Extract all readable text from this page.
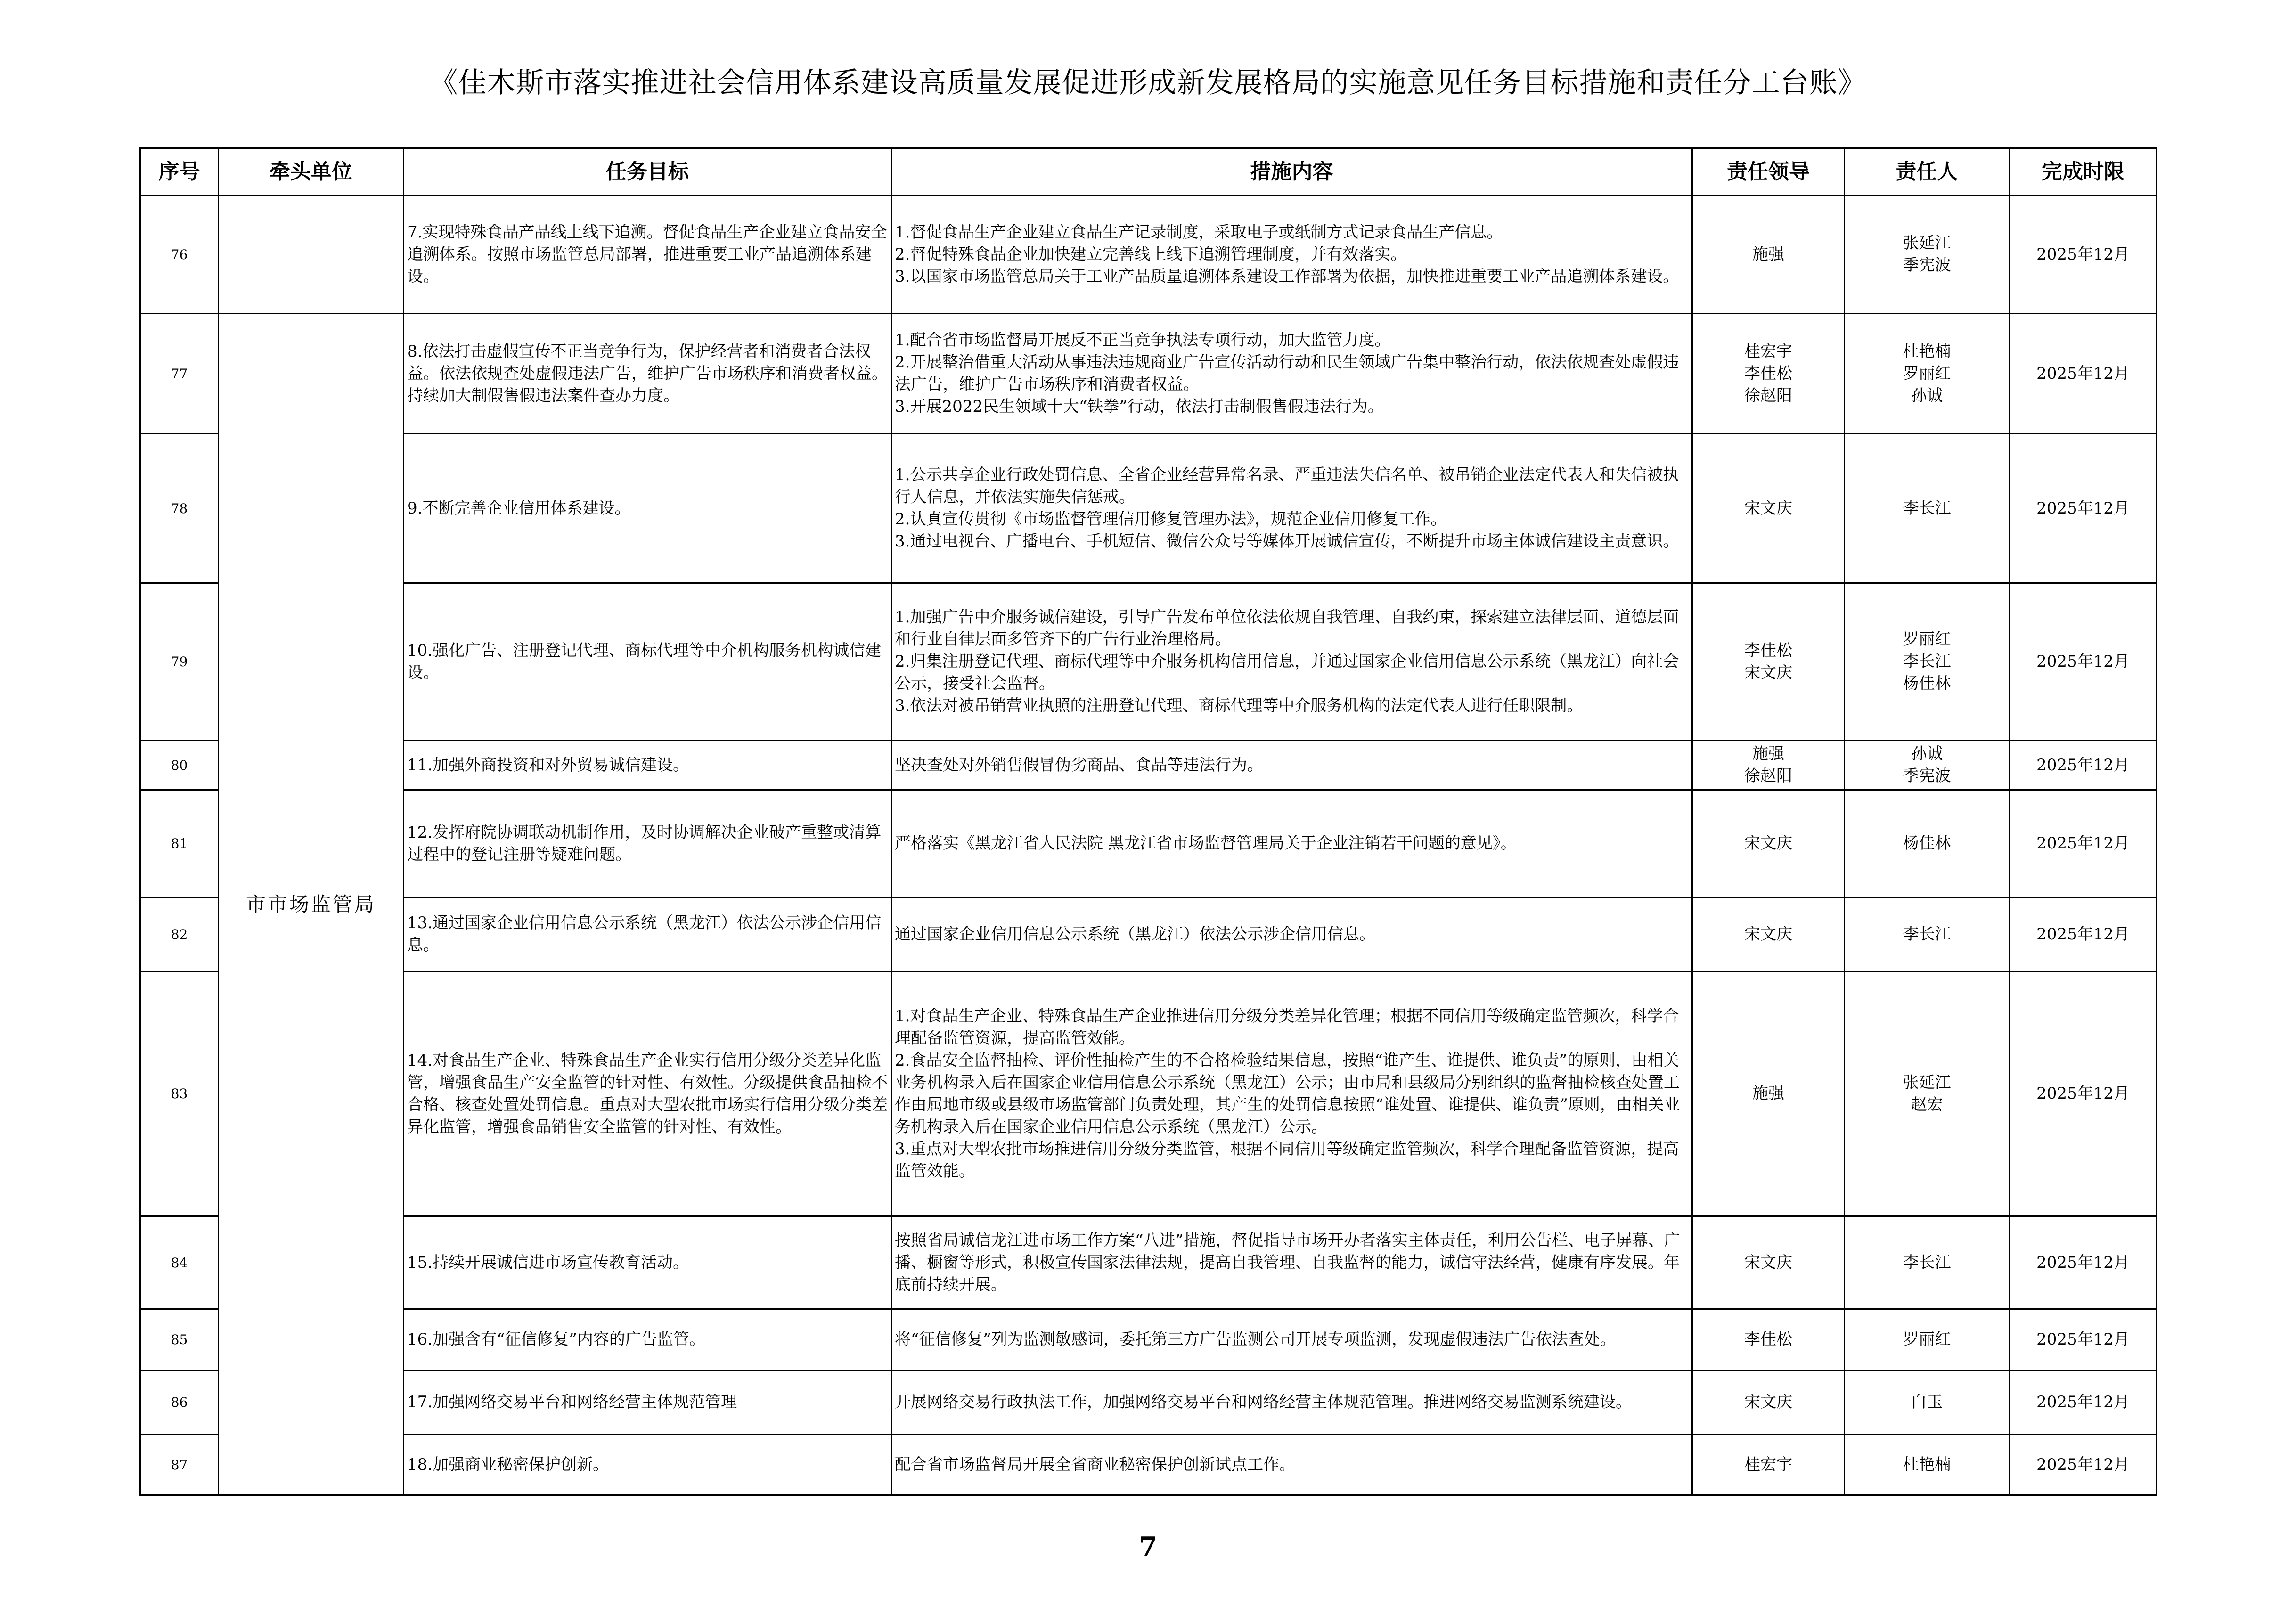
《佳木斯市落实推进社会信用体系建设高质量发展促进形成新发展格局的实施意见任务目标措施和责任分工台账》
序号	牵头单位	任务目标	措施内容	责任领导	责任人	完成时限
76		7.实现特殊食品产品线上线下追溯。督促食品生产企业建立食品安全追溯体系。按照市场监管总局部署，推进重要工业产品追溯体系建设。	1.督促食品生产企业建立食品生产记录制度，采取电子或纸制方式记录食品生产信息。
2.督促特殊食品企业加快建立完善线上线下追溯管理制度，并有效落实。
3.以国家市场监管总局关于工业产品质量追溯体系建设工作部署为依据，加快推进重要工业产品追溯体系建设。	施强	张延江
季宪波	2025年12月
77	市市场监管局	8.依法打击虚假宣传不正当竞争行为，保护经营者和消费者合法权益。依法依规查处虚假违法广告，维护广告市场秩序和消费者权益。持续加大制假售假违法案件查办力度。	1.配合省市场监督局开展反不正当竞争执法专项行动，加大监管力度。
2.开展整治借重大活动从事违法违规商业广告宣传活动行动和民生领域广告集中整治行动，依法依规查处虚假违法广告，维护广告市场秩序和消费者权益。
3.开展2022民生领域十大“铁拳”行动，依法打击制假售假违法行为。	桂宏宇
李佳松
徐赵阳	杜艳楠
罗丽红
孙诚	2025年12月
78		9.不断完善企业信用体系建设。	1.公示共享企业行政处罚信息、全省企业经营异常名录、严重违法失信名单、被吊销企业法定代表人和失信被执行人信息，并依法实施失信惩戒。
2.认真宣传贯彻《市场监督管理信用修复管理办法》，规范企业信用修复工作。
3.通过电视台、广播电台、手机短信、微信公众号等媒体开展诚信宣传，不断提升市场主体诚信建设主责意识。	宋文庆	李长江	2025年12月
79		10.强化广告、注册登记代理、商标代理等中介机构服务机构诚信建设。	1.加强广告中介服务诚信建设，引导广告发布单位依法依规自我管理、自我约束，探索建立法律层面、道德层面和行业自律层面多管齐下的广告行业治理格局。
2.归集注册登记代理、商标代理等中介服务机构信用信息，并通过国家企业信用信息公示系统（黑龙江）向社会公示，接受社会监督。
3.依法对被吊销营业执照的注册登记代理、商标代理等中介服务机构的法定代表人进行任职限制。	李佳松
宋文庆	罗丽红
李长江
杨佳林	2025年12月
80		11.加强外商投资和对外贸易诚信建设。	坚决查处对外销售假冒伪劣商品、食品等违法行为。	施强
徐赵阳	孙诚
季宪波	2025年12月
81		12.发挥府院协调联动机制作用，及时协调解决企业破产重整或清算过程中的登记注册等疑难问题。	严格落实《黑龙江省人民法院 黑龙江省市场监督管理局关于企业注销若干问题的意见》。	宋文庆	杨佳林	2025年12月
82		13.通过国家企业信用信息公示系统（黑龙江）依法公示涉企信用信息。	通过国家企业信用信息公示系统（黑龙江）依法公示涉企信用信息。	宋文庆	李长江	2025年12月
83		14.对食品生产企业、特殊食品生产企业实行信用分级分类差异化监管，增强食品生产安全监管的针对性、有效性。分级提供食品抽检不合格、核查处置处罚信息。重点对大型农批市场实行信用分级分类差异化监管，增强食品销售安全监管的针对性、有效性。	1.对食品生产企业、特殊食品生产企业推进信用分级分类差异化管理；根据不同信用等级确定监管频次，科学合理配备监管资源，提高监管效能。
2.食品安全监督抽检、评价性抽检产生的不合格检验结果信息，按照“谁产生、谁提供、谁负责”的原则，由相关业务机构录入后在国家企业信用信息公示系统（黑龙江）公示；由市局和县级局分别组织的监督抽检核查处置工作由属地市级或县级市场监管部门负责处理，其产生的处罚信息按照“谁处置、谁提供、谁负责”原则，由相关业务机构录入后在国家企业信用信息公示系统（黑龙江）公示。
3.重点对大型农批市场推进信用分级分类监管，根据不同信用等级确定监管频次，科学合理配备监管资源，提高监管效能。	施强	张延江
赵宏	2025年12月
84		15.持续开展诚信进市场宣传教育活动。	按照省局诚信龙江进市场工作方案“八进”措施，督促指导市场开办者落实主体责任，利用公告栏、电子屏幕、广播、橱窗等形式，积极宣传国家法律法规，提高自我管理、自我监督的能力，诚信守法经营，健康有序发展。年底前持续开展。	宋文庆	李长江	2025年12月
85		16.加强含有“征信修复”内容的广告监管。	将“征信修复”列为监测敏感词，委托第三方广告监测公司开展专项监测，发现虚假违法广告依法查处。	李佳松	罗丽红	2025年12月
86		17.加强网络交易平台和网络经营主体规范管理	开展网络交易行政执法工作，加强网络交易平台和网络经营主体规范管理。推进网络交易监测系统建设。	宋文庆	白玉	2025年12月
87		18.加强商业秘密保护创新。	配合省市场监督局开展全省商业秘密保护创新试点工作。	桂宏宇	杜艳楠	2025年12月
7
